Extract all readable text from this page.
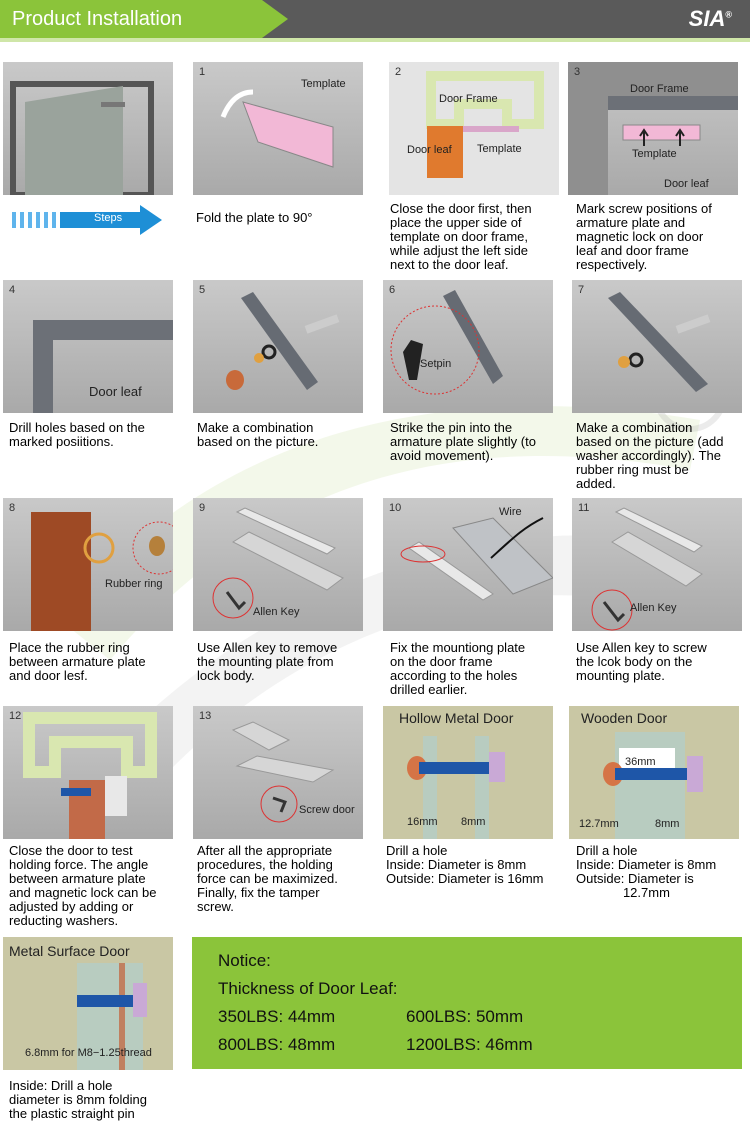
Product Installation	SIA®
Steps
1
Template
Fold the plate to 90°
2
Door Frame
Door leaf Template
Close the door first, then
place the upper side of
template on door frame,
while adjust the left side
next to the door leaf.
3
Door Frame
Template
Door leaf
Mark screw positions of
armature plate and
magnetic lock on door
leaf and door frame
respectively.
4
Door leaf
Drill holes based on the
marked posiitions.
5
Make a combination
based on the picture.
6
Setpin
Strike the pin into the
armature plate slightly (to
avoid movement).
7
Make a combination
based on the picture (add
washer accordingly). The
rubber ring must be
added.
8
Rubber ring
Place the rubber ring
between armature plate
and door lesf.
9
Allen Key
Use Allen key to remove
the mounting plate from
lock body.
10	Wire
Fix the mountiong plate
on the door frame
according to the holes
drilled earlier.
11
Allen Key
Use Allen key to screw
the lcok body on the
mounting plate.
12
Close the door to test
holding force. The angle
between armature plate
and magnetic lock can be
adjusted by adding or
reducting washers.
13
Screw door
After all the appropriate
procedures, the holding
force can be maximized.
Finally, fix the tamper
screw.
Hollow Metal Door
16mm 8mm
Drill a hole
Inside: Diameter is 8mm
Outside: Diameter is 16mm
Wooden Door
36mm
12.7mm	8mm
Drill a hole
Inside: Diameter is 8mm
Outside: Diameter is
12.7mm
Metal Surface Door
6.8mm for M8−1.25thread
Inside: Drill a hole
diameter is 8mm folding
the plastic straight pin
Notice:
Thickness of Door Leaf:
350LBS: 44mm	600LBS: 50mm
800LBS: 48mm	1200LBS: 46mm
